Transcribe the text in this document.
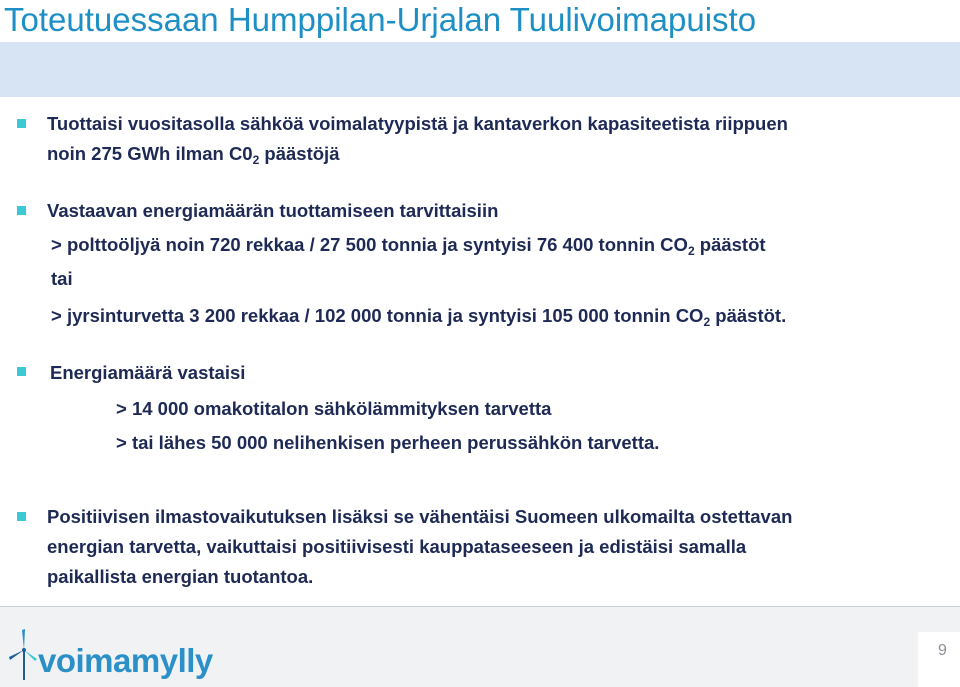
Toteutuessaan Humppilan-Urjalan Tuulivoimapuisto
Tuottaisi vuositasolla sähköä voimalatyypistä ja kantaverkon kapasiteetista riippuen
noin 275 GWh ilman $C0_2$ päästöjä
Vastaavan energiamäärän tuottamiseen tarvittaisiin
> polttoöljyä noin 720 rekkaa / 27 500 tonnia ja syntyisi 76 400 tonnin $CO_2$ päästöt
tai
> jyrsinturvetta 3 200 rekkaa / 102 000 tonnia ja syntyisi 105 000 tonnin $CO_2$ päästöt.
Energiamäärä vastaisi
> 14 000 omakotitalon sähkölämmityksen tarvetta
> tai lähes 50 000 nelihenkisen perheen perussähkön tarvetta.
Positiivisen ilmastovaikutuksen lisäksi se vähentäisi Suomeen ulkomailta ostettavan
energian tarvetta, vaikuttaisi positiivisesti kauppataseeseen ja edistäisi samalla
paikallista energian tuotantoa.
voimamylly	9
